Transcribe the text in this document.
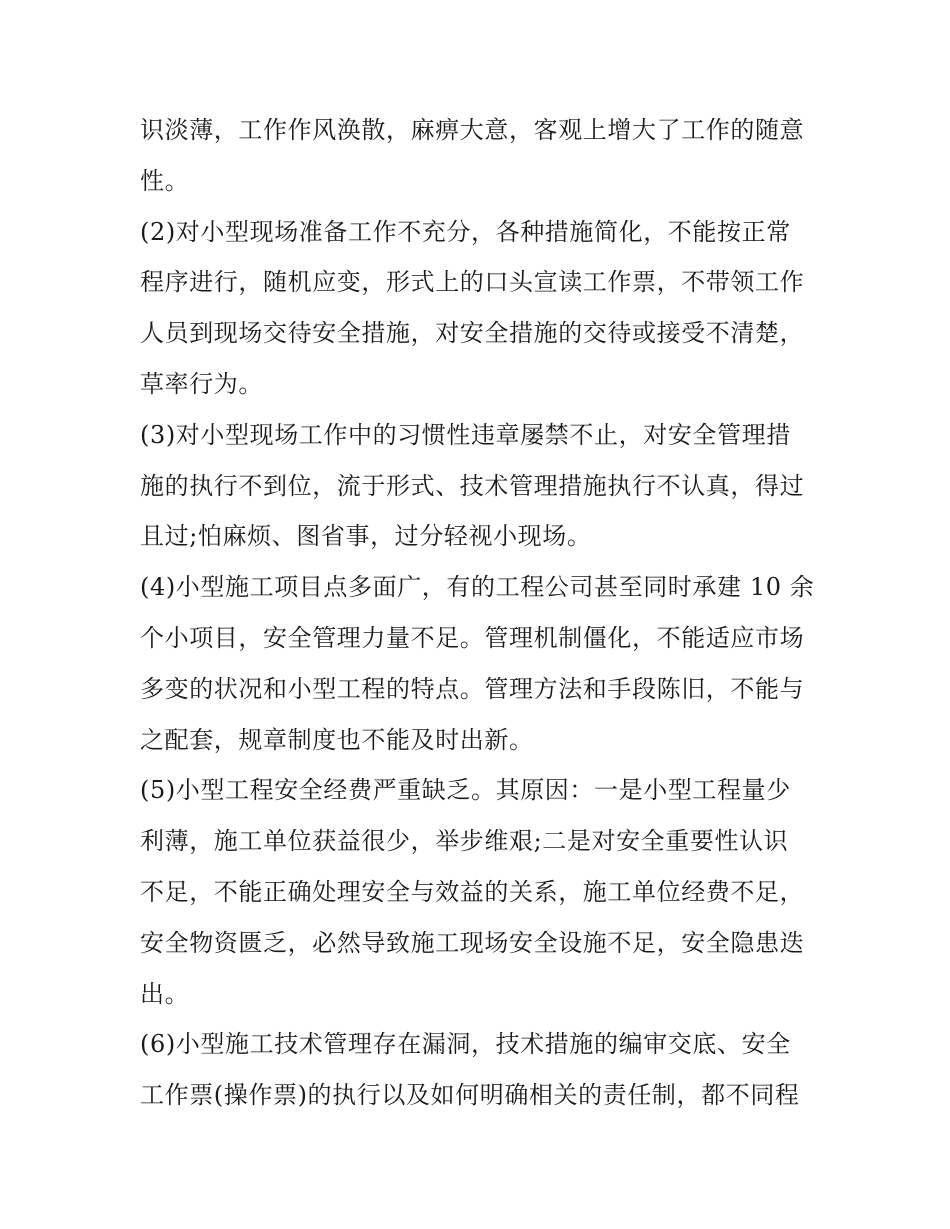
识淡薄，工作作风涣散，麻痹大意，客观上增大了工作的随意
性。
(2)对小型现场准备工作不充分，各种措施简化，不能按正常
程序进行，随机应变，形式上的口头宣读工作票，不带领工作
人员到现场交待安全措施，对安全措施的交待或接受不清楚，
草率行为。
(3)对小型现场工作中的习惯性违章屡禁不止，对安全管理措
施的执行不到位，流于形式、技术管理措施执行不认真，得过
且过;怕麻烦、图省事，过分轻视小现场。
(4)小型施工项目点多面广，有的工程公司甚至同时承建 10 余
个小项目，安全管理力量不足。管理机制僵化，不能适应市场
多变的状况和小型工程的特点。管理方法和手段陈旧，不能与
之配套，规章制度也不能及时出新。
(5)小型工程安全经费严重缺乏。其原因：一是小型工程量少
利薄，施工单位获益很少，举步维艰;二是对安全重要性认识
不足，不能正确处理安全与效益的关系，施工单位经费不足，
安全物资匮乏，必然导致施工现场安全设施不足，安全隐患迭
出。
(6)小型施工技术管理存在漏洞，技术措施的编审交底、安全
工作票(操作票)的执行以及如何明确相关的责任制，都不同程
